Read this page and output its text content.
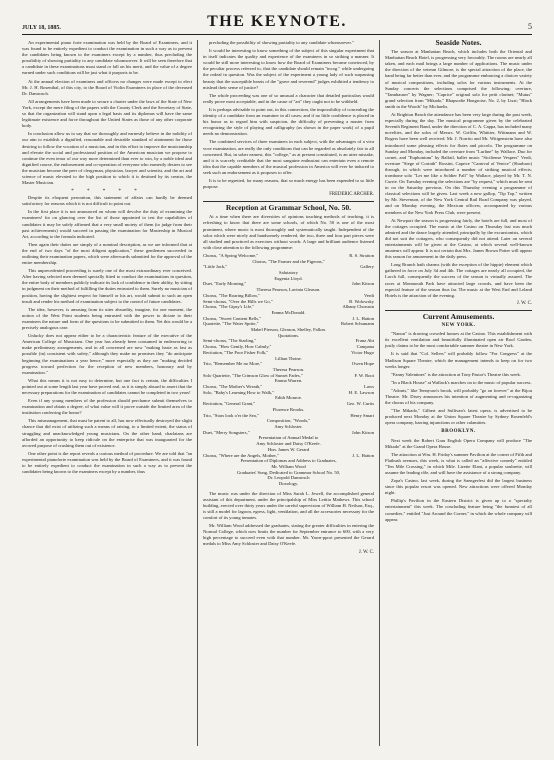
JULY 18, 1885.	THE KEYNOTE.	5

An experimental piano forte examination was held by the Board of Examiners, and it was found to be entirely expedient to conduct the examination in such a way as to prevent the candidates being known to the examiners except by a number, thus precluding the possibility of showing partiality to any candidate whomsoever. It will be seen therefore that a candidate in these examinations must stand or fall on his merit, and the value of a degree earned under such conditions will be just what it purports to be.

At the annual election of examiners and officers no changes were made except to elect Mr. J. H. Rosenthal, of this city, to the Board of Violin Examiners in place of the deceased Dr. Damrosch.

All arrangements have been made to secure a charter under the laws of the State of New York, except the mere filing of the papers with the County Clerk and the Secretary of State, so that the organization will stand upon a legal basis and its diplomas will have the same legitimate existence and force throughout the United States as those of any other corporate body.

In conclusion allow us to say that we thoroughly and earnestly believe in the nobility of our aim to establish a dignified, reasonable and desirable standard of attainment for those desiring to follow the vocation of a musician, and in this effort to improve the musicianship and elevate the social and professional position of the American musician we propose to continue the even tenor of our way more determined than ever to win, by a noble ideal and dignified course, the endorsement and co-operation of everyone who earnestly desires to see the musician become the peer of clergyman, physician, lawyer and scientist, and the art and science of music elevated to the high position to which it is destined by its creator, the Master Musician.

* * * * *

Despite its eloquent peroration, this statement of affairs can hardly be deemed satisfactory for reasons which it is not difficult to point out.

In the first place it is not announced on whom will devolve the duty of examining the examiners! for on glancing over the list of those appointed to test the capabilities of candidates it may be safely affirmed that a very small moiety of them (to judge from their past achievements) would succeed in passing the examination for Mastership in Musical Art, according to the formula indicated.

Then again their duties are simply of a nominal description, as we are informed that at the end of two days "of the most diligent application," these gentlemen succeeded in outlining their examination papers, which were afterwards submitted for the approval of the entire membership.

This unprecedented proceeding is surely one of the most extraordinary ever conceived. After having selected men deemed specially fitted to conduct the examinations in question, the entire body of members publicly indicate its lack of confidence in their ability, by sitting in judgment on their method of fulfilling the duties entrusted to them. Surely no musician of position, having the slightest respect for himself or his art, would submit to such an open insult and render his method of examination subject to the control of future candidates.

The idea, however, is amusing from its utter absurdity, imagine, for one moment, the notion of the West Point students being entrusted with the power to dictate to their examiners the nature and form of the questions to be submitted to them. Yet this would be a precisely analogous case.

Unlucky does not appear either to be a characteristic feature of the executive of the American College of Musicians. One year has already been consumed in endeavoring to make preliminary arrangements, and in all concerned are now "making haste as fast as possible (in) consistent with safety," although they make no promises they "do anticipate beginning the examinations a year hence," more especially as they are "making decided progress toward perfection for the reception of new members, honorary and by examination."

What this means it is not easy to determine, but one fact is certain, the difficulties I pointed out at some length last year have proved real, as it is simply absurd to assert that the necessary preparations for the examination of candidates cannot be completed in two years!

Even if any young members of the profession should perchance submit themselves to examination and obtain a degree, of what value will it prove outside the limited area of the institution conferring the honor?

This mismanagement, that must be patent to all, has now effectually destroyed the slight chance that did exist of utilizing such a means of raising, to a limited extent, the status of struggling and unacknowledged young musicians. On the other hand, charlatans are afforded an opportunity to keep ridicule on the enterprise that was inaugurated for the avowed purpose of crushing them out of existence.

One other point is the report reveals a curious method of procedure. We are told that "an experimental pianoforte examination was held by the Board of Examiners, and it was found to be entirely expedient to conduct the examination in such a way as to prevent the candidates being known to the examiners except by a number, thus

precluding the possibility of showing partiality to any candidate whomsoever."

It would be interesting to know something of the subject of this singular experiment that in itself indicates the quality and experience of the examiners in so striking a manner. It would be still more interesting to know how the Board of Examiners became convinced, by the peculiar process referred to, that the candidate should remain "incog." while undergoing the ordeal in question. Was the subject of the experiment a young lady of such surpassing beauty that the susceptible hearts of the "grave and reverend" judges exhibited a tendency to mislead their sense of justice?

The whole proceeding was one of so unusual a character that detailed particulars would really prove most acceptable, and in the cause of "art" they ought not to be withheld.

It is perhaps advisable to point out, in this connection, the impossibility of concealing the identity of a candidate from an examiner in all cases; and if no little confidence is placed in his honor as to regard him with suspicion, the difficulty of preventing a master from recognizing the style of playing and calligraphy (as shown in the paper work) of a pupil needs no demonstration.

The combined services of three examiners in each subject, with the advantages of a viva voce examination, are really the only conditions that can be regarded as absolutely fair to all concerned. But, in sober earnest, this "college," as at present constituted, is an utter mistake, and it is scarcely creditable that the most sanguine enthusiast can entertain even a remote idea that the capable members of the musical profession in America will ever be induced to seek such an endorsement as it proposes to offer.

It is to be regretted, for many reasons, that so much energy has been expended to so little purpose.

FREDERIC ARCHER.
Reception at Grammar School, No. 50.

At a time when there are diversities of opinions touching methods of teaching, it is refreshing to know that there are some schools, of which No. 50 is one of the most prominent, where music is most thoroughly and systematically taught. Independent of the solos which were nicely and handsomely rendered, the two, three and four part pieces were all studied and practiced as exercises without words. A large and brilliant audience listened with close attention to the following programme:

Chorus, "A Spring Welcome,"	R. S. Stratton
Chorus, "The Farmer and the Pigeons,"
"Little Jack,"	Gallery
Salutatory
Eugenia Lloyd.
Duet, "Early Morning,"	John Kitson
Theresa Pearson, Lavinia Gleason.
Chorus, "The Roaring Billow,"	Verdi
Semi-chorus, "Over the Hills we Go,"	B. Wolowsky
Chorus, "The Gipsy's Life,"	Albany Chorusin
Emma McDonald.
Chorus, "Sweet Content Bells,"	J. L. Hatton
Quartette, "The Water Sprite,"	Robert Schumann
Mabel Pierson, Gleason, Shelley, Fallon.
Quotations.
Semi-chorus, "The Starling,"	Franz Abt
Chorus, "How Gently, How Calmly,"	Campana
Recitation, "The Poor Fisher Folk,"	Victor Hugo
Lillian Thrine.
Trio, "Remember Me no More,"	Owen Hope
Theresa Pearson.
Solo Quartette, "The Crimson Glow of Sunset Fades,"	F. W. Root
Emma Warren.
Chorus, "The Mother's Wreath,"	Laws
Solo, "Baby's Learning How to Walk,"	H. E. Lawson
Edith Monroe.
Recitation, "General Grant,"	Geo. W. Curtis
Florence Brooks.
Trio, "Stars look o'er the Sea,"	Henry Smart
Composition, "Woods,"
Amy Schloster.
Duet, "Merry Songsters,"	John Kitson
Presentation of Annual Medal to
Amy Schloster and Daisy O'Keefe.
Hon. James W. Gerard
Chorus, "Where are the Angels, Mother,"	J. L. Hatton
Presentation of Diplomas and Address to Graduates,
Mr. William Wood
Graduates' Song, Dedicated to Grammar School No. 50,
Dr. Leopold Damrosch
Doxology.

The music was under the direction of Miss Sarah L. Jewell, the accomplished general assistant of this department, under the principalship of Miss Letitia Mathews. This school building, erected over thirty years under the careful supervision of William H. Neilson, Esq., is still a model for lagoon, egress, light, ventilation, and all the accessories necessary for the comfort of its young inmates.

Mr. William Wood addressed the graduates, stating the greater difficulties in entering the Normal College, which now limits the number for September entrance to 600, with a very high percentage to succeed even with that number. Mr. Yawn-ppori presented the Gerard medals to Miss Amy Schloster and Daisy O'Keefe.

J. W. C.
Seaside Notes.

The season at Manhattan Beach, which includes both the Oriental and Manhattan Beach Hotel, is progressing very favorably. The rooms are nearly all taken, and each mail brings a large number of applications. The music under the direction of the veteran Gilmore, is the special attraction of the place, the band being far better than ever, and the programme embracing a choicer variety of musical compositions, including solos for various instruments. At the Sunday concerts the selections comprised the following: overture, "Tannhauser" by Wagner; "Caprice" original solo for petit clarinet; "Mutus" grand selection from "Mikado," Rhapsodie Hongroise, No. 2, by Liszt; "Black smith in the Woods" by Michaelis.

At Brighton Beach the attendance has been very large during the past week, especially during the day. The musical programme given by the celebrated Seventh Regiment Band, under the direction of C. A. Cappa, has included many novelties, and the solos of Messrs. W. Griffin, Whittier, Wittmann and W. Rogers have been well received. Mr. J. Norrito and Mr. Wittgenstein have also introduced some pleasing effects for flutes and piccolo. The programme on Sunday and Monday, included the overture from "Lurline" by Wallace, Duo for cornet, and "Euphonium" by Balfail, ballet music "Siciliense Vespers" Verdi, overture "Siege of Corinth" Rossini, Caprice "Carnival of Venice" (Sbarbaro) through, in which were introduced a number of striking musical effects; trombone solo "Let me like a Soldier Fall" by Wallace, played by Mr. T. N. Currie. On Tuesday evening the selections are "by request," which must be sent in on the Saturday previous. On this Thursday evening a programme of classical selections will be given. Last week a new gallop, "Tip Top," written by Mr. Stevenson, of the New York Central Rail Road Company was played, and on Monday evening, the Mexican officers, accompanied by various members of the New York Press Club, were present.

At Newport the season is progressing fairly, the hotels are full, and most of the cottages occupied. The music at the Casino on Thursday last was much admired and the dance largely attended, principally by the excursionists, which did not suit the cottagers, who consequently did not attend. Later on several entertainments will be given at the Casino, at which several well-known amateurs will appear. It is not certain that Mrs. James Brown Potter will appear this season for amusement in the daily press.

Long Branch hath charms (with the exception of the hippie) element which gathered in force on July 3d and 4th. The cottages are nearly all occupied, the Lorch full, consequently the success of the season is virtually assured. The races at Monmouth Park have attracted large crowds, and have been the especial feature of the season thus far. The music at the West End and Leland Hotels is the attraction of the evening.

J. W. C.
Current Amusements.
NEW YORK.

"Nanon" is drawing crowded houses at the Casino. This establishment with its excellent ventilation and beautifully illuminated open air Roof Garden, justly claims to be the most comfortable summer theatre in New York.

It is said that "Col. Sellers" will probably follow "For Congress" at the Madison Square Theatre, which the management intends to keep on for two weeks longer.

"Fanny Valentines" is the attraction at Tony Pastor's Theatre this week.

"In a Black House" at Wallack's marches on to the music of popular success.

"Adonis," like Tennyson's brook, will probably "go on forever" at the Bijou Theatre. Mr. Dixey announces his intention of augmenting and re-organizing the chorus of his company.

"The Mikado," Gilbert and Sullivan's latest opera, is advertised to be produced next Monday at the Union Square Theatre by Sydney Rosenfeld's opera company, barring injunctions or other calamities.

BROOKLYN.

Next week the Robert Grau English Opera Company will produce "The Mikado" at the Grand Opera House.

The attraction at Wm. H. Friday's summer Pavilion at the corner of Fifth and Flatbush avenues, this week, is what is called an "affective comedy" entitled "Ten Mile Crossing," in which Mile. Lizette Elani, a popular soubrette, will assume the leading rôle, and will have the assistance of a strong company.

Zopa's Casino, last week, during the Saengerfest did the largest business since this popular resort was opened. New attractions were offered Monday night.

Phillip's Pavilion in the Eastern District is given up to a "specialty entertainment" this week. The concluding feature being "the funniest of all comedies," entitled "Just Around the Corner," in which the whole company will appear.
